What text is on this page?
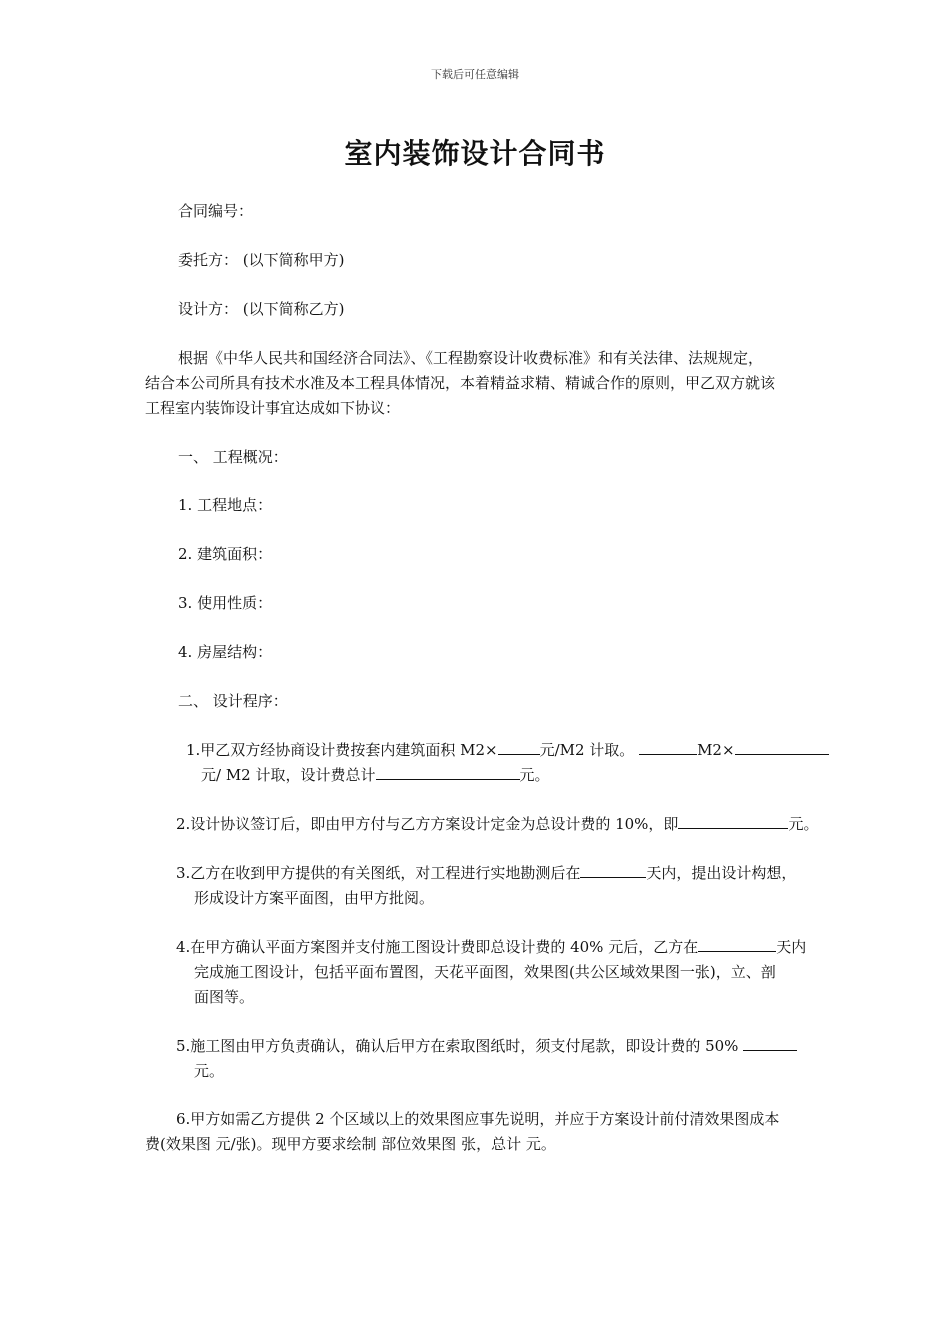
下载后可任意编辑
室内装饰设计合同书
合同编号：
委托方： (以下简称甲方)
设计方： (以下简称乙方)
根据《中华人民共和国经济合同法》、《工程勘察设计收费标准》和有关法律、法规规定，
结合本公司所具有技术水准及本工程具体情况，本着精益求精、精诚合作的原则，甲乙双方就该
工程室内装饰设计事宜达成如下协议：
一、 工程概况：
1. 工程地点：
2. 建筑面积：
3. 使用性质：
4. 房屋结构：
二、 设计程序：
1.甲乙双方经协商设计费按套内建筑面积 M2×	元/M2 计取。	M2×
元/ M2 计取，设计费总计	元。
2.设计协议签订后，即由甲方付与乙方方案设计定金为总设计费的 10%，即	元。
3.乙方在收到甲方提供的有关图纸，对工程进行实地勘测后在	天内，提出设计构想，
形成设计方案平面图，由甲方批阅。
4.在甲方确认平面方案图并支付施工图设计费即总设计费的 40% 元后，乙方在	天内
完成施工图设计，包括平面布置图，天花平面图，效果图(共公区域效果图一张)，立、剖
面图等。
5.施工图由甲方负责确认，确认后甲方在索取图纸时，须支付尾款，即设计费的 50%
元。
6.甲方如需乙方提供 2 个区域以上的效果图应事先说明，并应于方案设计前付清效果图成本
费(效果图 元/张)。现甲方要求绘制 部位效果图 张，总计 元。
